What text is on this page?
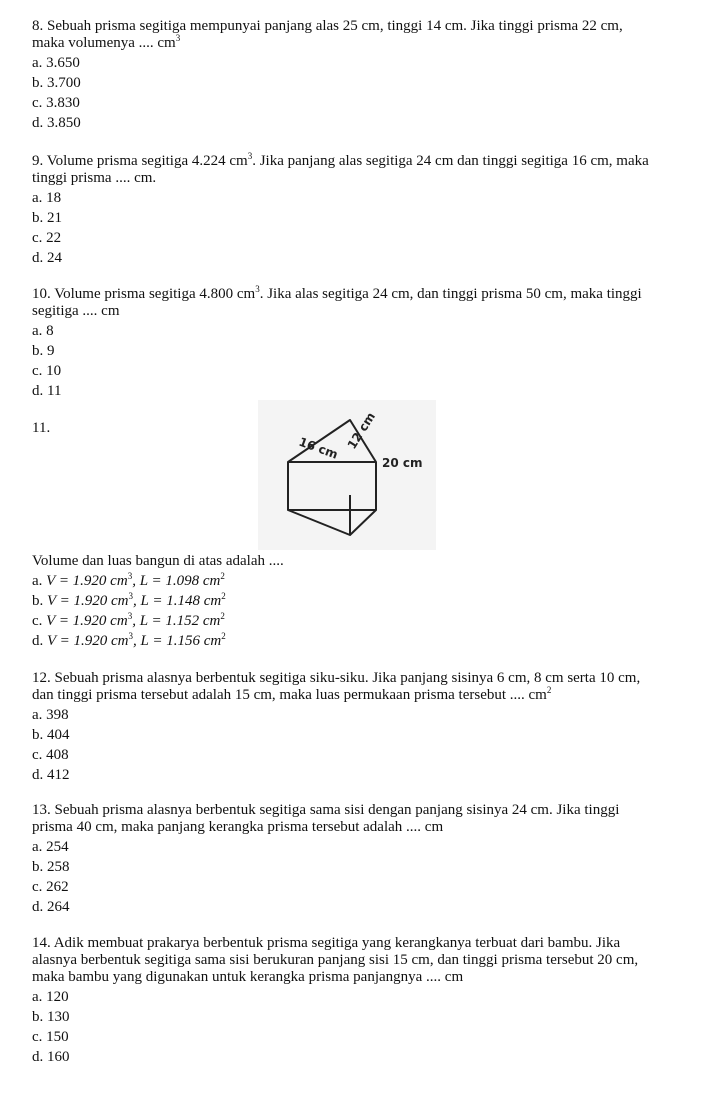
8. Sebuah prisma segitiga mempunyai panjang alas 25 cm, tinggi 14 cm. Jika tinggi prisma 22 cm,
maka volumenya .... $cm^3$

a. 3.650
b. 3.700
c. 3.830
d. 3.850

9. Volume prisma segitiga 4.224 $cm^3$. Jika panjang alas segitiga 24 cm dan tinggi segitiga 16 cm, maka
tinggi prisma .... cm.

a. 18
b. 21
c. 22
d. 24

10. Volume prisma segitiga 4.800 $cm^3$. Jika alas segitiga 24 cm, dan tinggi prisma 50 cm, maka tinggi
segitiga .... cm

a. 8
b. 9
c. 10
d. 11

11.

16 cm 12 cm
20 cm

Volume dan luas bangun di atas adalah ....

a. V = 1.920 $cm^3$, L = 1.098 $cm^2$
b. V = 1.920 $cm^3$, L = 1.148 $cm^2$
c. V = 1.920 $cm^3$, L = 1.152 $cm^2$
d. V = 1.920 $cm^3$, L = 1.156 $cm^2$

12. Sebuah prisma alasnya berbentuk segitiga siku-siku. Jika panjang sisinya 6 cm, 8 cm serta 10 cm,
dan tinggi prisma tersebut adalah 15 cm, maka luas permukaan prisma tersebut .... $cm^2$

a. 398
b. 404
c. 408
d. 412

13. Sebuah prisma alasnya berbentuk segitiga sama sisi dengan panjang sisinya 24 cm. Jika tinggi
prisma 40 cm, maka panjang kerangka prisma tersebut adalah .... cm

a. 254
b. 258
c. 262
d. 264

14. Adik membuat prakarya berbentuk prisma segitiga yang kerangkanya terbuat dari bambu. Jika
alasnya berbentuk segitiga sama sisi berukuran panjang sisi 15 cm, dan tinggi prisma tersebut 20 cm,
maka bambu yang digunakan untuk kerangka prisma panjangnya .... cm

a. 120
b. 130
c. 150
d. 160
